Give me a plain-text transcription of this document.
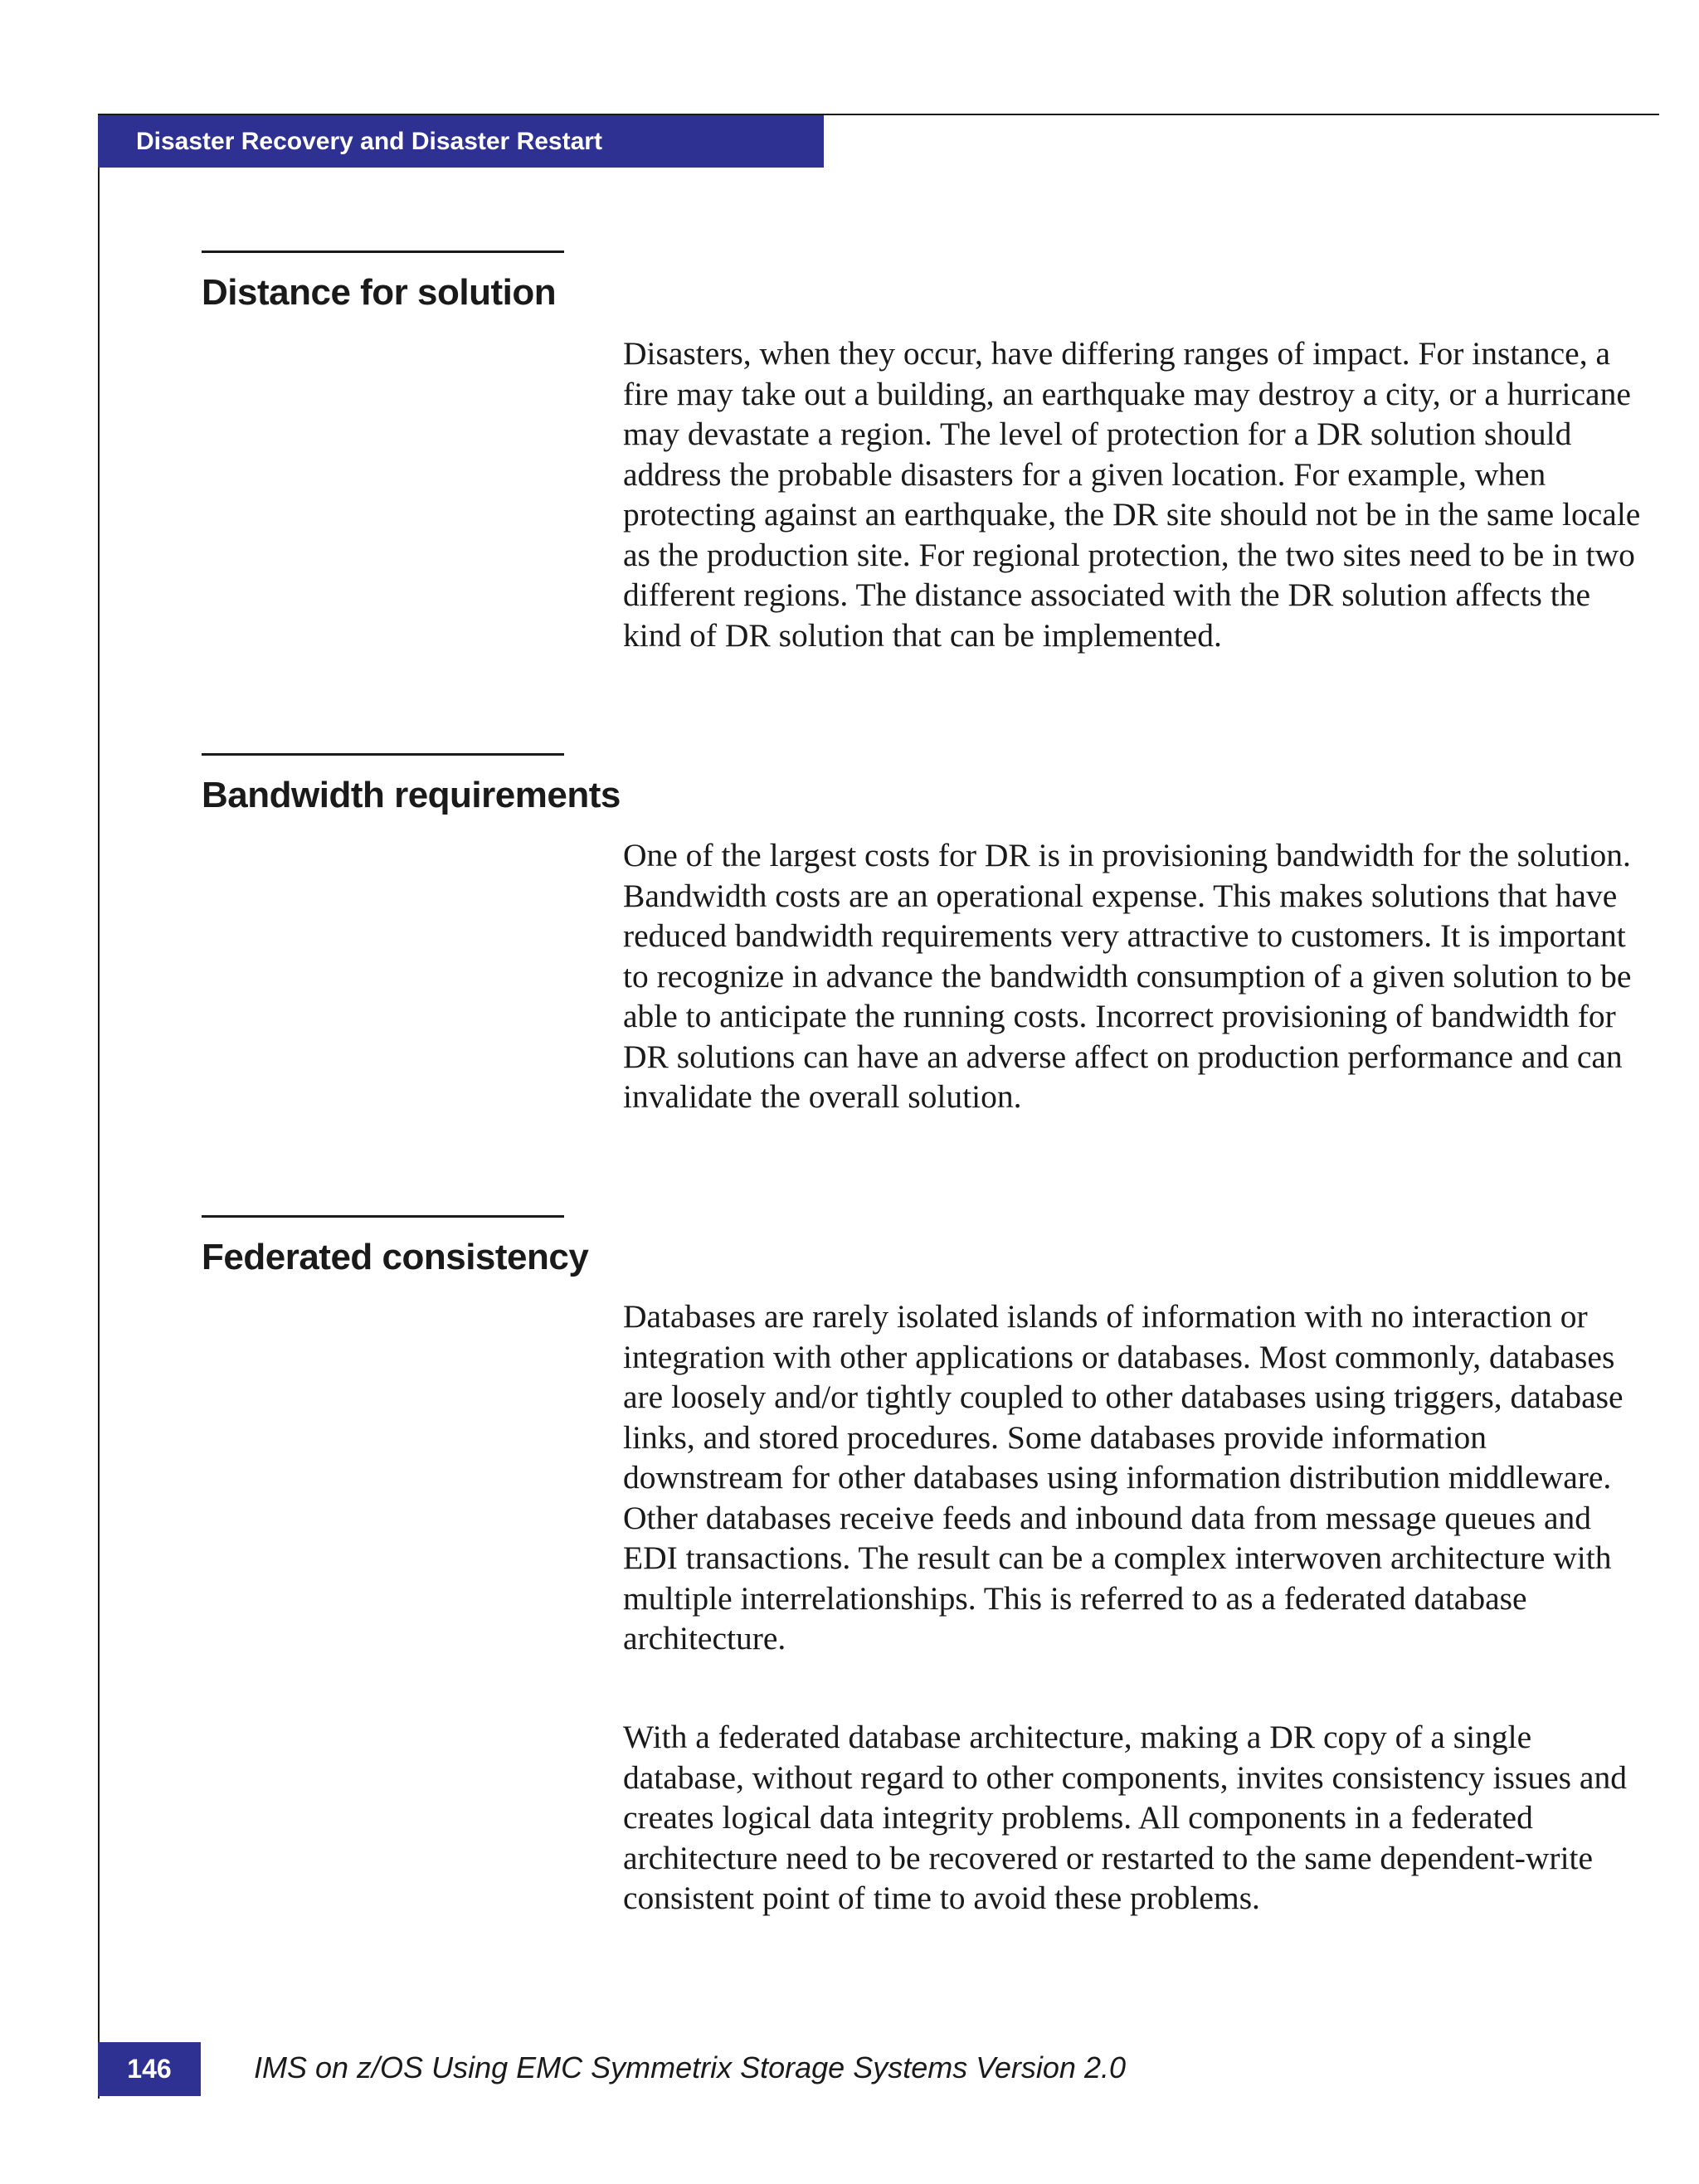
Disaster Recovery and Disaster Restart
Distance for solution

Disasters, when they occur, have differing ranges of impact. For instance, a fire may take out a building, an earthquake may destroy a city, or a hurricane may devastate a region. The level of protection for a DR solution should address the probable disasters for a given location. For example, when protecting against an earthquake, the DR site should not be in the same locale as the production site. For regional protection, the two sites need to be in two different regions. The distance associated with the DR solution affects the kind of DR solution that can be implemented.

Bandwidth requirements

One of the largest costs for DR is in provisioning bandwidth for the solution. Bandwidth costs are an operational expense. This makes solutions that have reduced bandwidth requirements very attractive to customers. It is important to recognize in advance the bandwidth consumption of a given solution to be able to anticipate the running costs. Incorrect provisioning of bandwidth for DR solutions can have an adverse affect on production performance and can invalidate the overall solution.

Federated consistency

Databases are rarely isolated islands of information with no interaction or integration with other applications or databases. Most commonly, databases are loosely and/or tightly coupled to other databases using triggers, database links, and stored procedures. Some databases provide information downstream for other databases using information distribution middleware. Other databases receive feeds and inbound data from message queues and EDI transactions. The result can be a complex interwoven architecture with multiple interrelationships. This is referred to as a federated database architecture.

With a federated database architecture, making a DR copy of a single database, without regard to other components, invites consistency issues and creates logical data integrity problems. All components in a federated architecture need to be recovered or restarted to the same dependent-write consistent point of time to avoid these problems.

146	IMS on z/OS Using EMC Symmetrix Storage Systems Version 2.0
